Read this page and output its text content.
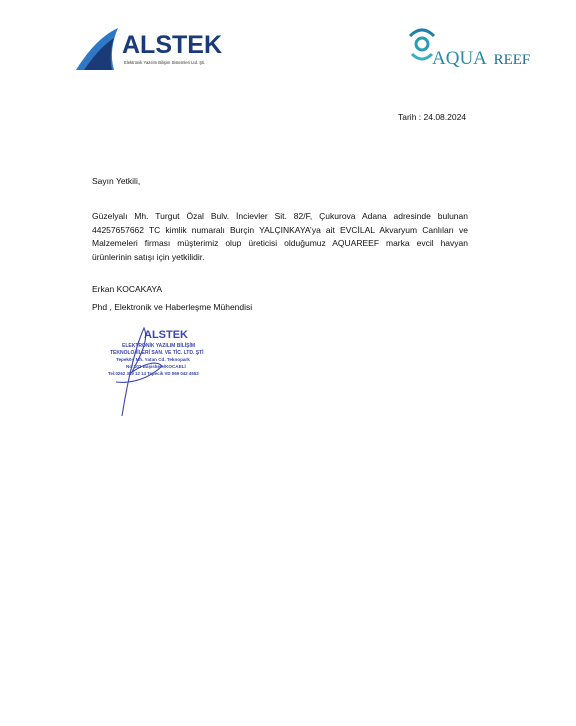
ALSTEK
Elektronik Yazılım Bilişim Sistemleri Ltd. Şti.	AQUA REEF
Tarih : 24.08.2024
Sayın Yetkili,
Güzelyalı Mh. Turgut Özal Bulv. İncievler Sit. 82/F, Çukurova Adana adresinde bulunan 44257657662 TC kimlik numaralı Burçin YALÇINKAYA’ya ait EVCİLAL Akvaryum Canlıları ve Malzemeleri firması müşterimiz olup üreticisi olduğumuz AQUAREEF marka evcil havyan ürünlerinin satışı için yetkilidir.
Erkan KOCAKAYA
Phd , Elektronik ve Haberleşme Mühendisi
ALSTEK
ELEKTRONİK YAZILIM BİLİŞİM
TEKNOLOJİLERİ SAN. VE TİC. LTD. ŞTİ
Tepeköy Mh. Yatan Cd. Teknopark
No:102 Başiskele/KOCAELİ
Tel:0262 389 12 14 Tepecik VD 069 042 4553
